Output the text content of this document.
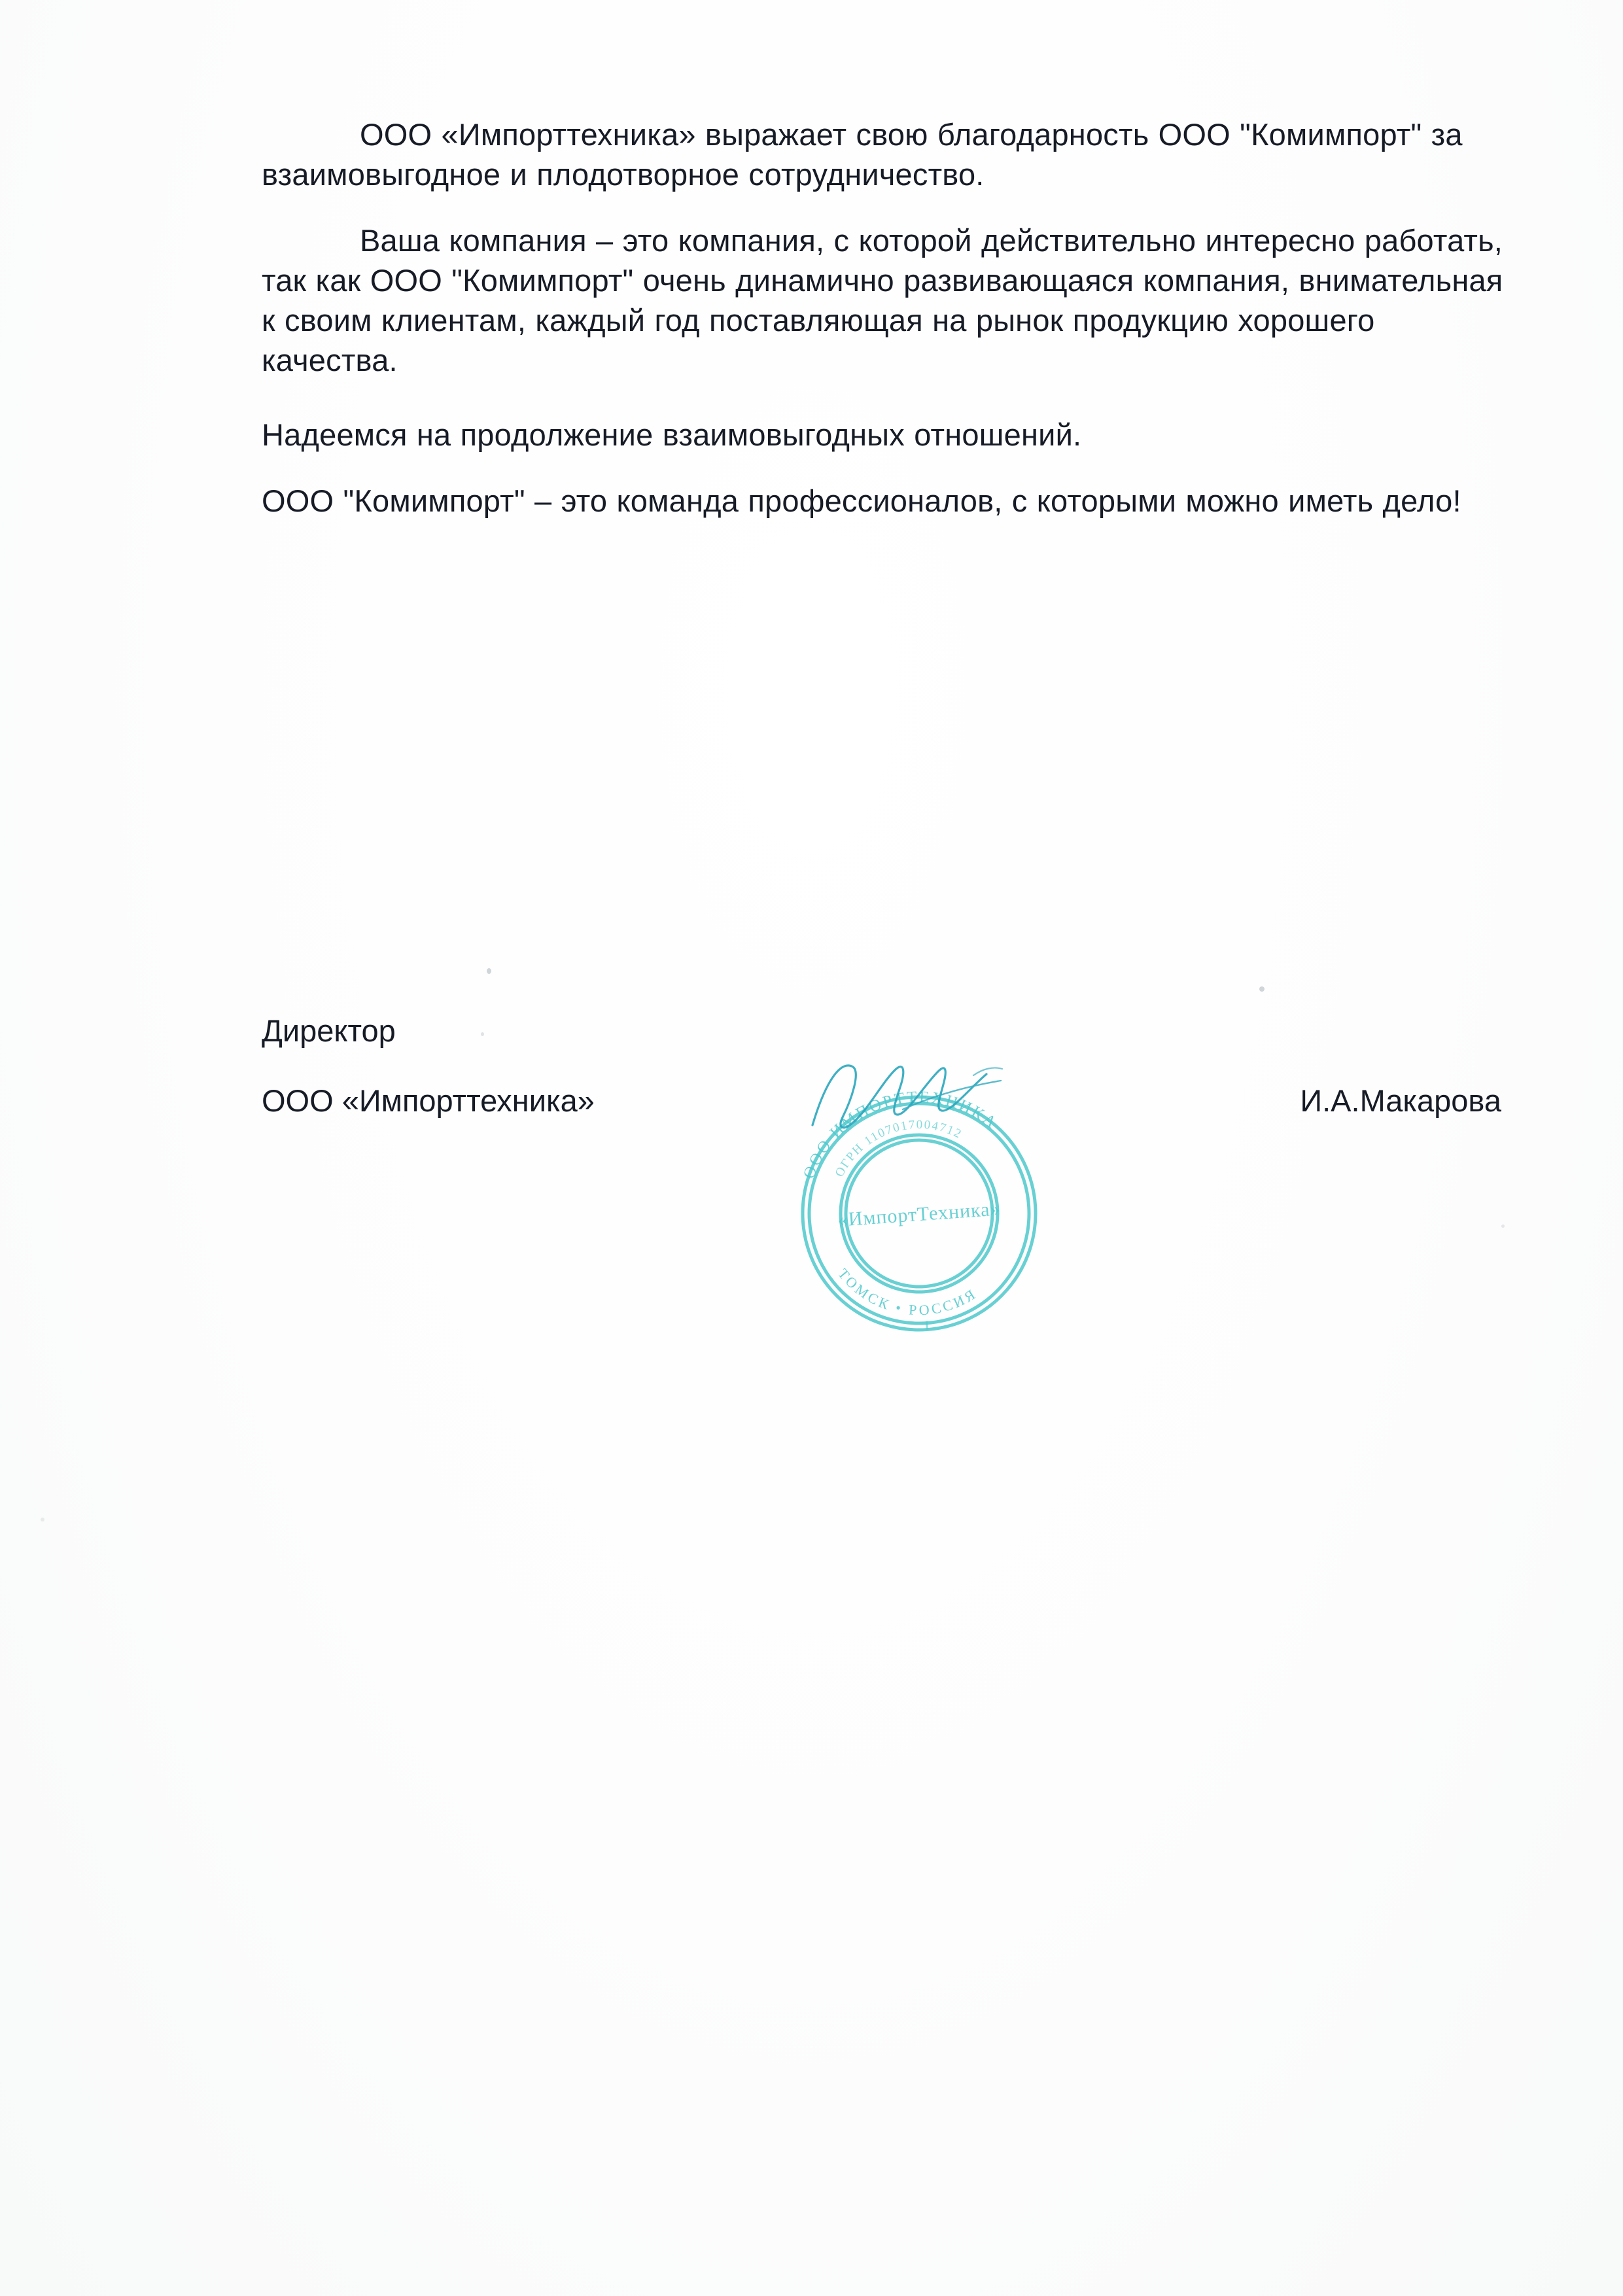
ООО «Импорттехника» выражает свою благодарность ООО "Комимпорт" за взаимовыгодное и плодотворное сотрудничество.

Ваша компания – это компания, с которой действительно интересно работать, так как ООО "Комимпорт" очень динамично развивающаяся компания, внимательная к своим клиентам, каждый год поставляющая на рынок продукцию хорошего качества.

Надеемся на продолжение взаимовыгодных отношений.

ООО "Комимпорт" – это команда профессионалов, с которыми можно иметь дело!

Директор
ООО «Импорттехника»	И.А.Макарова
ООО ИМПОРТТЕХНИКА
ТОМСК • РОССИЯ
ОГРН 1107017004712
«ИмпортТехника»
